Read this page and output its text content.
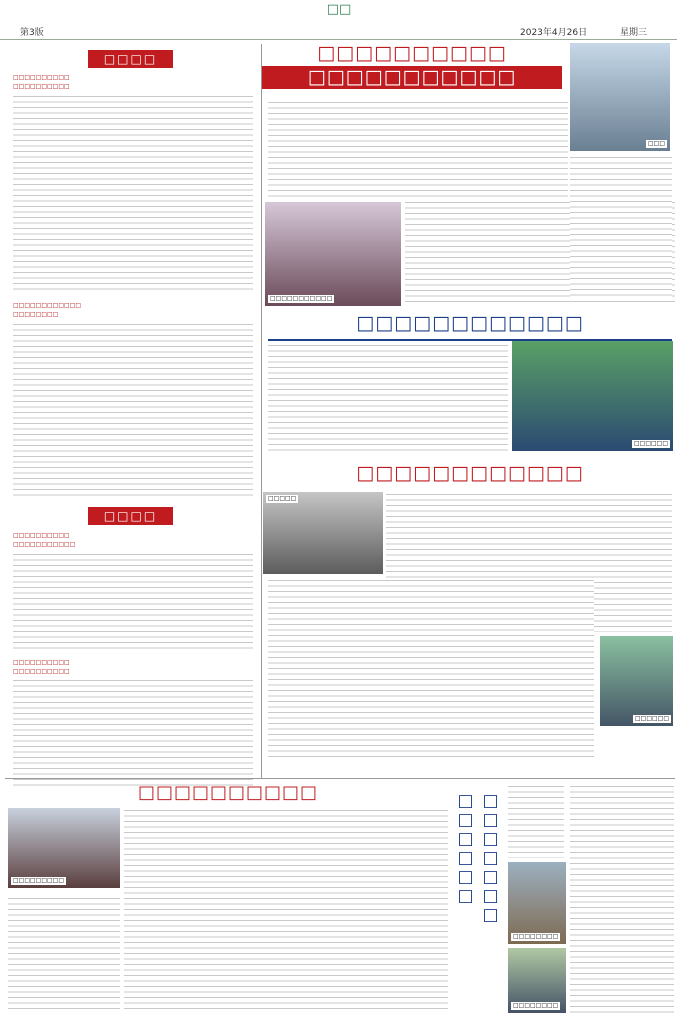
第3版
□□
2023年4月26日	星期三
□□□□
□□□□□□□□□□
□□□□□□□□□□
□□□□□□□□□□□□
□□□□□□□□
□□□□
□□□□□□□□□□
□□□□□□□□□□□
□□□□□□□□□□
□□□□□□□□□□
□□□□□□□□□□
□□□□□□□□□□□
□□□
□□□□□□□□□□□
□□□□□□□□□□□□
□□□□□□
□□□□□□□□□□□□
□□□□□
□□□□□□
□□□□□□□□□□
□□□□□□□□□
□□□□□□
□□□□□□□
□□□□□□□□
□□□□□□□□
